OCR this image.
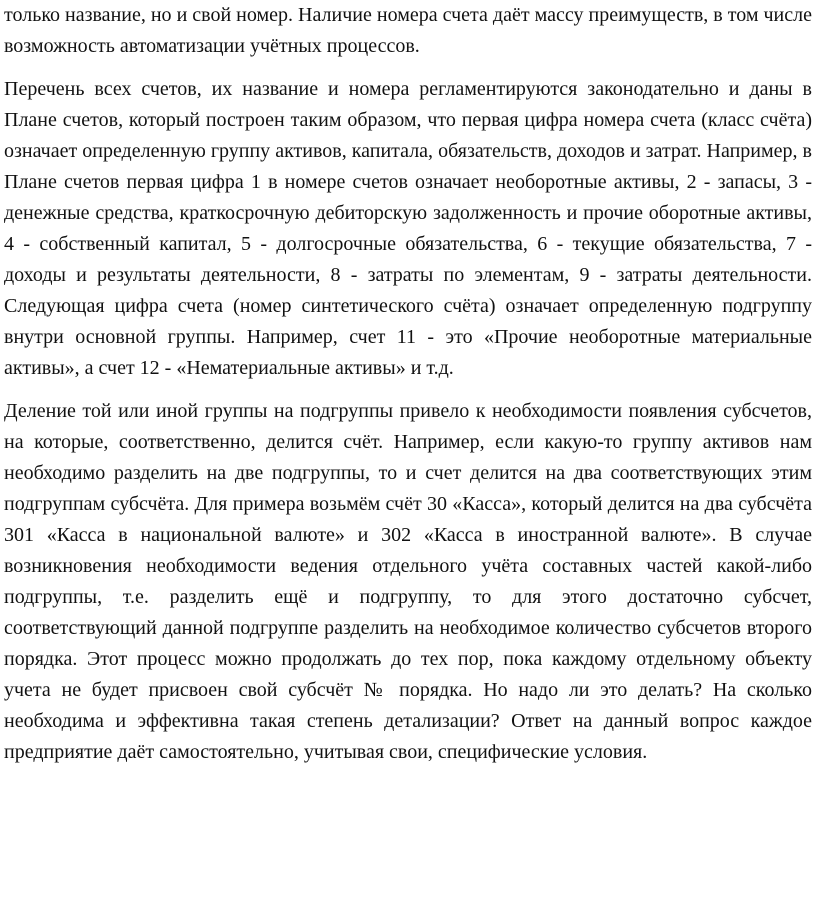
только название, но и свой номер. Наличие номера счета даёт массу преимуществ, в том числе возможность автоматизации учётных процессов.

Перечень всех счетов, их название и номера регламентируются законодательно и даны в Плане счетов, который построен таким образом, что первая цифра номера счета (класс счёта) означает определенную группу активов, капитала, обязательств, доходов и затрат. Например, в Плане счетов первая цифра 1 в номере счетов означает необоротные активы, 2 - запасы, 3 - денежные средства, краткосрочную дебиторскую задолженность и прочие оборотные активы, 4 - собственный капитал, 5 - долгосрочные обязательства, 6 - текущие обязательства, 7 - доходы и результаты деятельности, 8 - затраты по элементам, 9 - затраты деятельности. Следующая цифра счета (номер синтетического счёта) означает определенную подгруппу внутри основной группы. Например, счет 11 - это «Прочие необоротные материальные активы», а счет 12 - «Нематериальные активы» и т.д.

Деление той или иной группы на подгруппы привело к необходимости появления субсчетов, на которые, соответственно, делится счёт. Например, если какую-то группу активов нам необходимо разделить на две подгруппы, то и счет делится на два соответствующих этим подгруппам субсчёта. Для примера возьмём счёт 30 «Касса», который делится на два субсчёта 301 «Касса в национальной валюте» и 302 «Касса в иностранной валюте». В случае возникновения необходимости ведения отдельного учёта составных частей какой-либо подгруппы, т.е. разделить ещё и подгруппу, то для этого достаточно субсчет, соответствующий данной подгруппе разделить на необходимое количество субсчетов второго порядка. Этот процесс можно продолжать до тех пор, пока каждому отдельному объекту учета не будет присвоен свой субсчёт № порядка. Но надо ли это делать? На сколько необходима и эффективна такая степень детализации? Ответ на данный вопрос каждое предприятие даёт самостоятельно, учитывая свои, специфические условия.
